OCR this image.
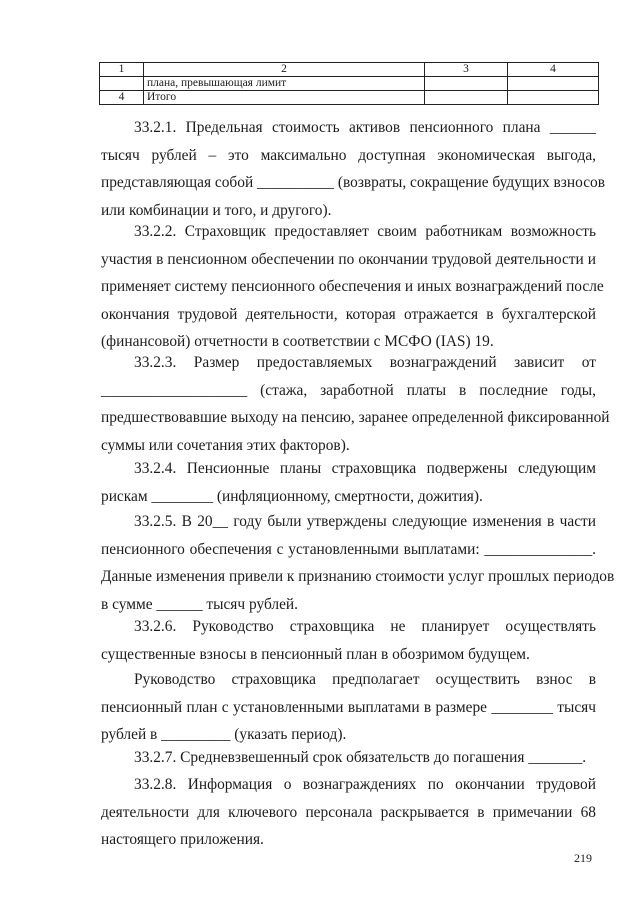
1	2	3	4
	плана, превышающая лимит		
4	Итого		
33.2.1. Предельная стоимость активов пенсионного плана ______
тысяч рублей – это максимально доступная экономическая выгода,
представляющая собой __________ (возвраты, сокращение будущих взносов
или комбинации и того, и другого).
33.2.2. Страховщик предоставляет своим работникам возможность
участия в пенсионном обеспечении по окончании трудовой деятельности и
применяет систему пенсионного обеспечения и иных вознаграждений после
окончания трудовой деятельности, которая отражается в бухгалтерской
(финансовой) отчетности в соответствии с МСФО (IAS) 19.
33.2.3. Размер предоставляемых вознаграждений зависит от
___________________ (стажа, заработной платы в последние годы,
предшествовавшие выходу на пенсию, заранее определенной фиксированной
суммы или сочетания этих факторов).
33.2.4. Пенсионные планы страховщика подвержены следующим
рискам ________ (инфляционному, смертности, дожития).
33.2.5. В 20__ году были утверждены следующие изменения в части
пенсионного обеспечения с установленными выплатами: ______________.
Данные изменения привели к признанию стоимости услуг прошлых периодов
в сумме ______ тысяч рублей.
33.2.6. Руководство страховщика не планирует осуществлять
существенные взносы в пенсионный план в обозримом будущем.
Руководство страховщика предполагает осуществить взнос в
пенсионный план с установленными выплатами в размере ________ тысяч
рублей в _________ (указать период).
33.2.7. Средневзвешенный срок обязательств до погашения _______.
33.2.8. Информация о вознаграждениях по окончании трудовой
деятельности для ключевого персонала раскрывается в примечании 68
настоящего приложения.
219
